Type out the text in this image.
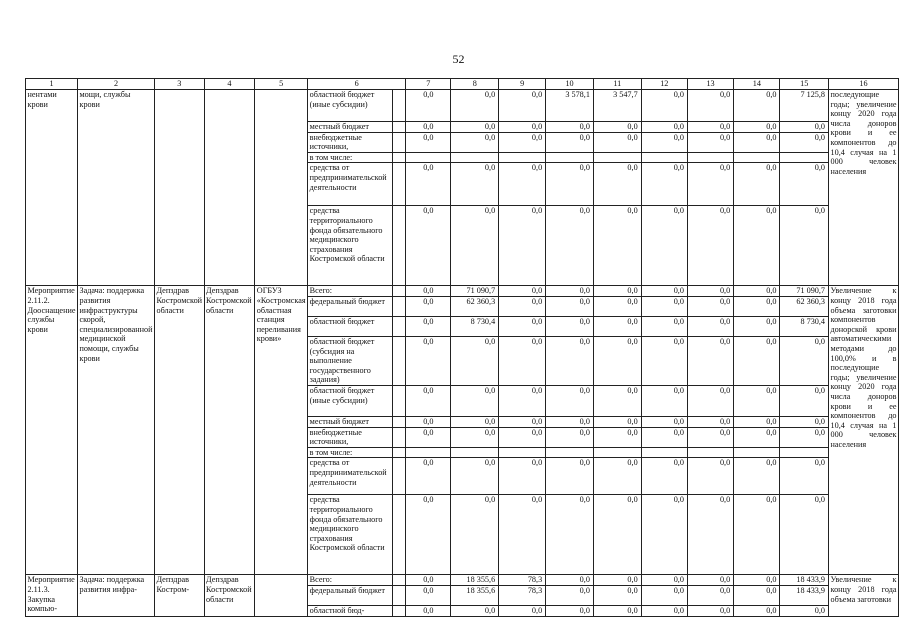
52
1	2	3	4	5	6		7	8	9	10	11	12	13	14	15	16
нентами крови	мощи, службы крови				областной бюджет (иные субсидии)		0,0	0,0	0,0	3 578,1	3 547,7	0,0	0,0	0,0	7 125,8	последующие годы; увеличение концу 2020 года числа доноров крови и ее компонентов до 10,4 случая на 1 000 человек населения
					местный бюджет		0,0	0,0	0,0	0,0	0,0	0,0	0,0	0,0	0,0	
					внебюджетные источники,		0,0	0,0	0,0	0,0	0,0	0,0	0,0	0,0	0,0	
					в том числе:											
					средства от предпринимательской деятельности		0,0	0,0	0,0	0,0	0,0	0,0	0,0	0,0	0,0	
					средства территориального фонда обязательного медицинского страхования Костромской области		0,0	0,0	0,0	0,0	0,0	0,0	0,0	0,0	0,0	
Мероприятие 2.11.2. Дооснащение службы крови	Задача: поддержка развития инфраструктуры скорой, специализированной медицинской помощи, службы крови	Депздрав Костромской области	Депздрав Костромской области	ОГБУЗ «Костромская областная станция переливания крови»	Всего:		0,0	71 090,7	0,0	0,0	0,0	0,0	0,0	0,0	71 090,7	Увеличение к концу 2018 года объема заготовки компонентов донорской крови автоматическими методами до 100,0% и в последующие годы; увеличение концу 2020 года числа доноров крови и ее компонентов до 10,4 случая на 1 000 человек населения
					федеральный бюджет		0,0	62 360,3	0,0	0,0	0,0	0,0	0,0	0,0	62 360,3	
					областной бюджет		0,0	8 730,4	0,0	0,0	0,0	0,0	0,0	0,0	8 730,4	
					областной бюджет (субсидия на выполнение государственного задания)		0,0	0,0	0,0	0,0	0,0	0,0	0,0	0,0	0,0	
					областной бюджет (иные субсидии)		0,0	0,0	0,0	0,0	0,0	0,0	0,0	0,0	0,0	
					местный бюджет		0,0	0,0	0,0	0,0	0,0	0,0	0,0	0,0	0,0	
					внебюджетные источники,		0,0	0,0	0,0	0,0	0,0	0,0	0,0	0,0	0,0	
					в том числе:											
					средства от предпринимательской деятельности		0,0	0,0	0,0	0,0	0,0	0,0	0,0	0,0	0,0	
					средства территориального фонда обязательного медицинского страхования Костромской области		0,0	0,0	0,0	0,0	0,0	0,0	0,0	0,0	0,0	
Мероприятие 2.11.3. Закупка компью-	Задача: поддержка развития инфра-	Депздрав Костром-	Депздрав Костромской области		Всего:		0,0	18 355,6	78,3	0,0	0,0	0,0	0,0	0,0	18 433,9	Увеличение к концу 2018 года объема заготовки
					федеральный бюджет		0,0	18 355,6	78,3	0,0	0,0	0,0	0,0	0,0	18 433,9	
					областной бюд-		0,0	0,0	0,0	0,0	0,0	0,0	0,0	0,0	0,0	
